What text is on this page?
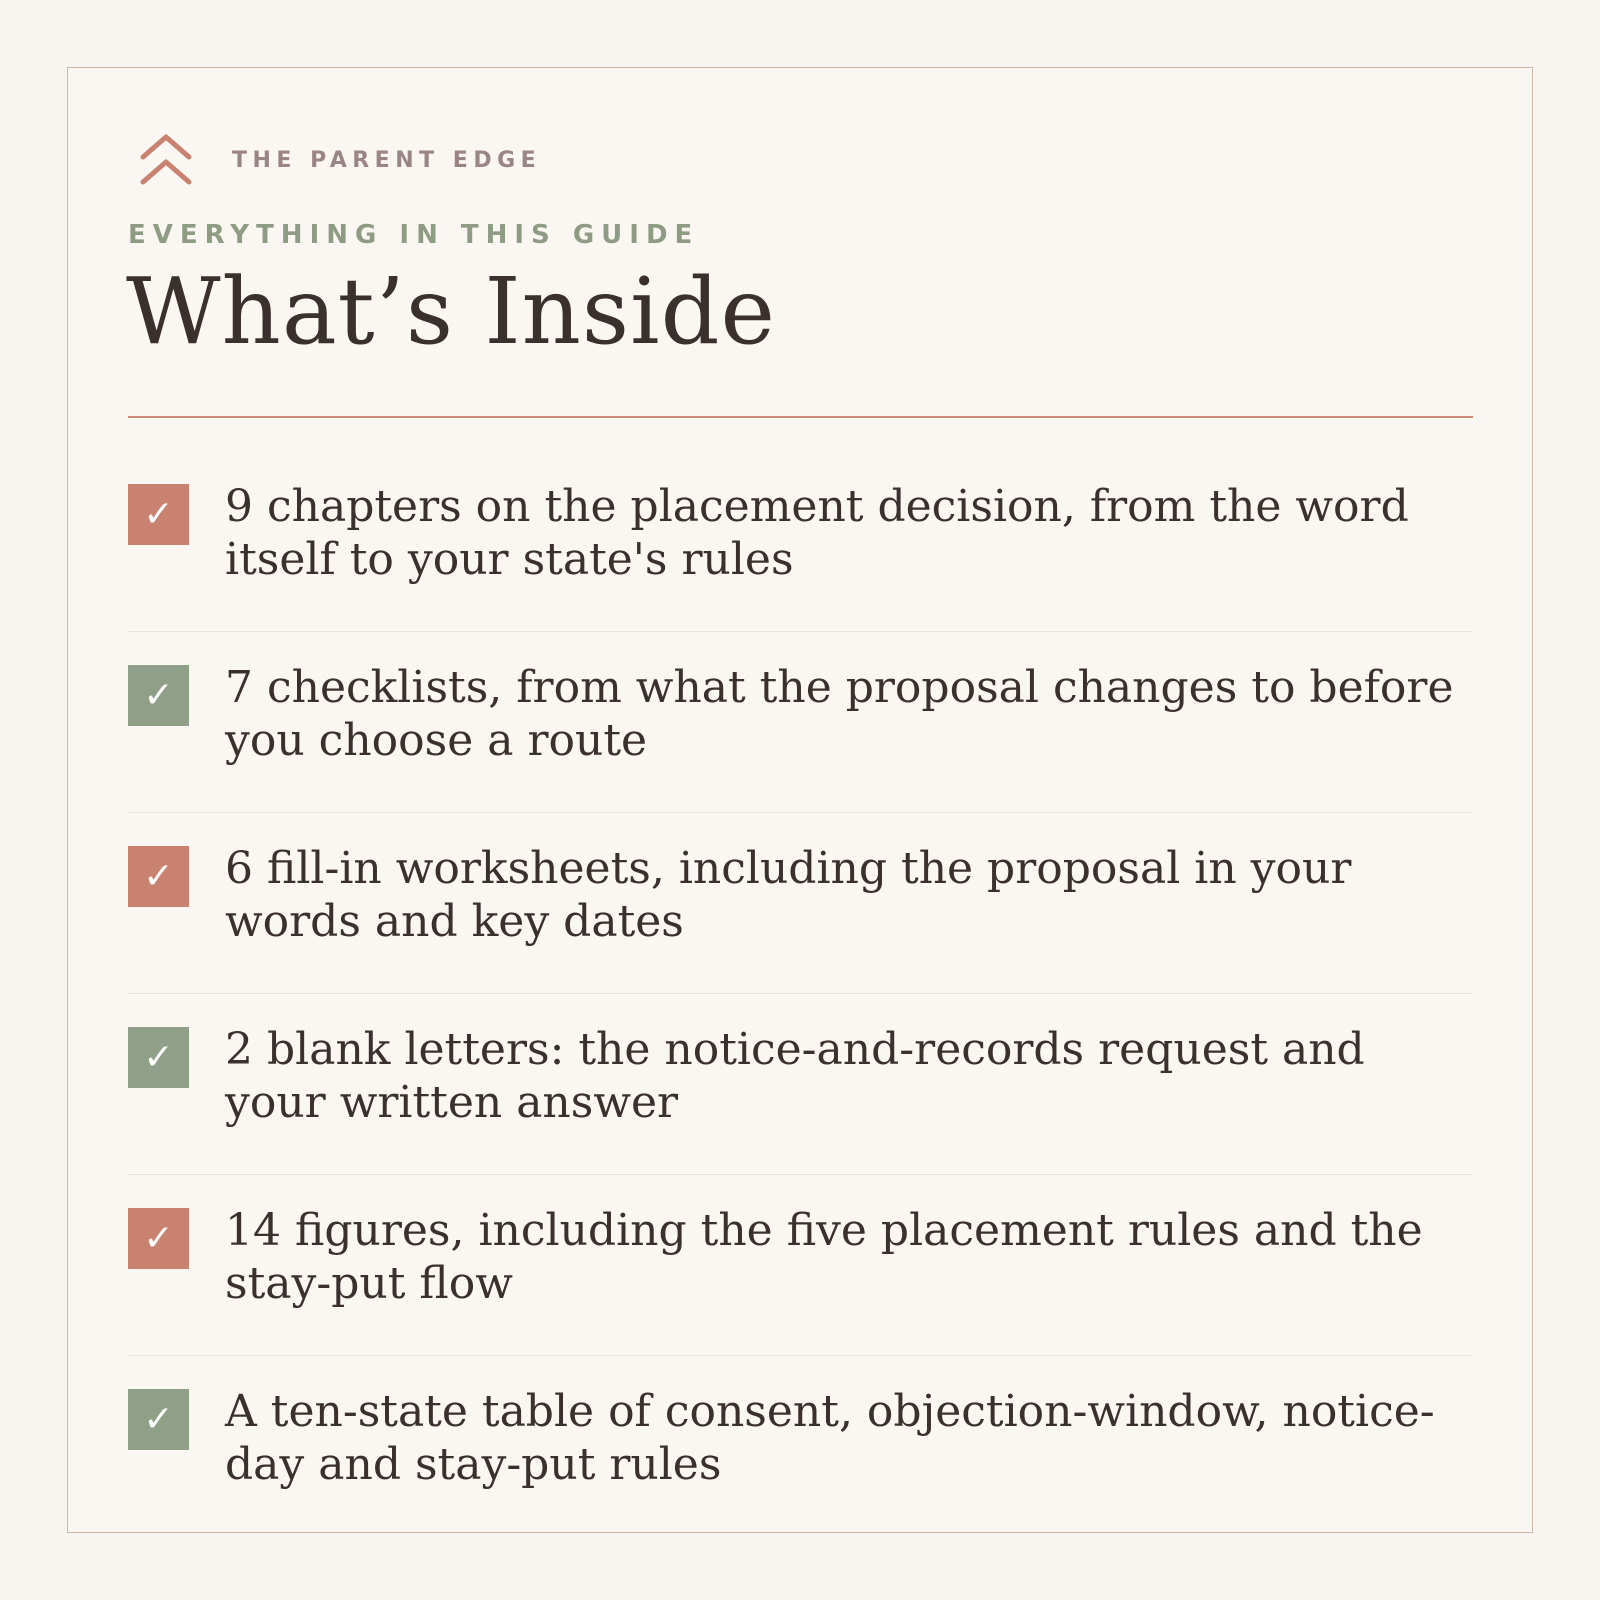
THE PARENT EDGE
EVERYTHING IN THIS GUIDE
What’s Inside
✓	9 chapters on the placement decision, from the word itself to your state's rules
✓	7 checklists, from what the proposal changes to before you choose a route
✓	6 fill-in worksheets, including the proposal in your words and key dates
✓	2 blank letters: the notice-and-records request and your written answer
✓	14 figures, including the five placement rules and the stay-put flow
✓	A ten-state table of consent, objection-window, notice-day and stay-put rules
